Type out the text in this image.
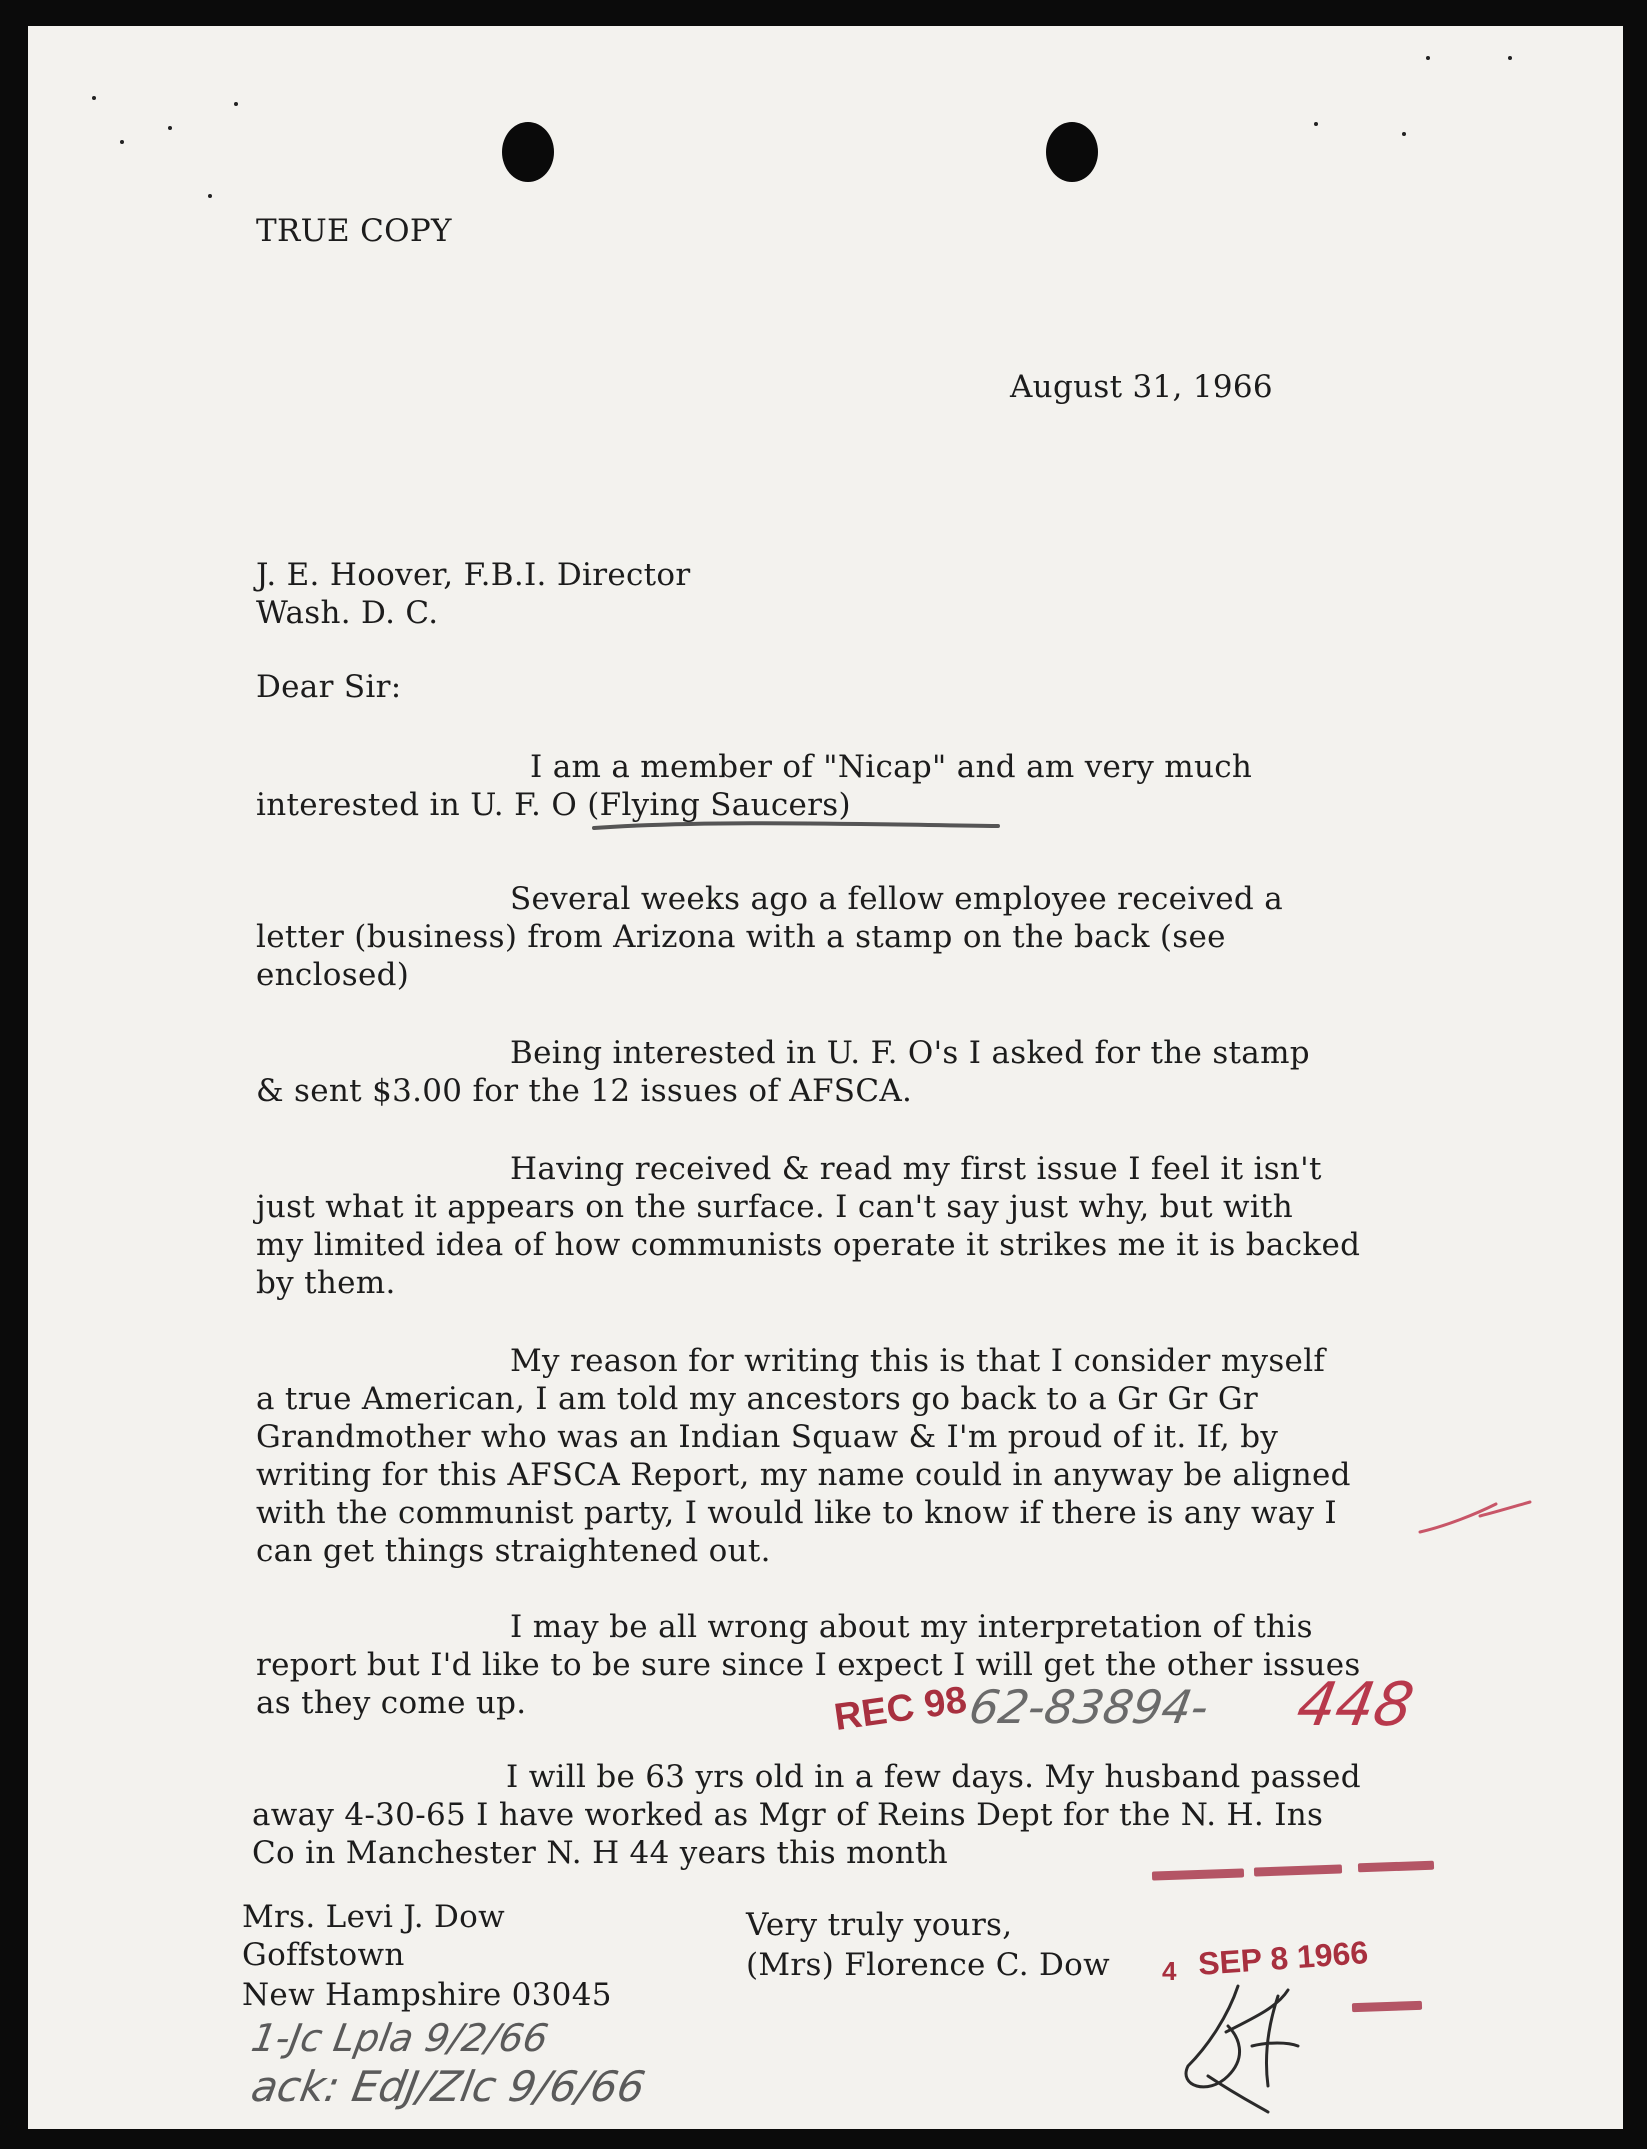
TRUE COPY
August 31, 1966
J. E. Hoover, F.B.I. Director
Wash. D. C.
Dear Sir:
I am a member of "Nicap" and am very much
interested in U. F. O (Flying Saucers)
Several weeks ago a fellow employee received a
letter (business) from Arizona with a stamp on the back (see
enclosed)
Being interested in U. F. O's I asked for the stamp
& sent $3.00 for the 12 issues of AFSCA.
Having received & read my first issue I feel it isn't
just what it appears on the surface. I can't say just why, but with
my limited idea of how communists operate it strikes me it is backed
by them.
My reason for writing this is that I consider myself
a true American, I am told my ancestors go back to a Gr Gr Gr
Grandmother who was an Indian Squaw & I'm proud of it. If, by
writing for this AFSCA Report, my name could in anyway be aligned
with the communist party, I would like to know if there is any way I
can get things straightened out.
I may be all wrong about my interpretation of this
report but I'd like to be sure since I expect I will get the other issues
as they come up.	REC 98
62-83894- 448
I will be 63 yrs old in a few days. My husband passed
away 4-30-65 I have worked as Mgr of Reins Dept for the N. H. Ins
Co in Manchester N. H 44 years this month
Mrs. Levi J. Dow
Goffstown
New Hampshire 03045
Very truly yours,
(Mrs) Florence C. Dow 4 SEP 8 1966
1-Jc Lpla 9/2/66
ack: EdJ/Zlc 9/6/66
